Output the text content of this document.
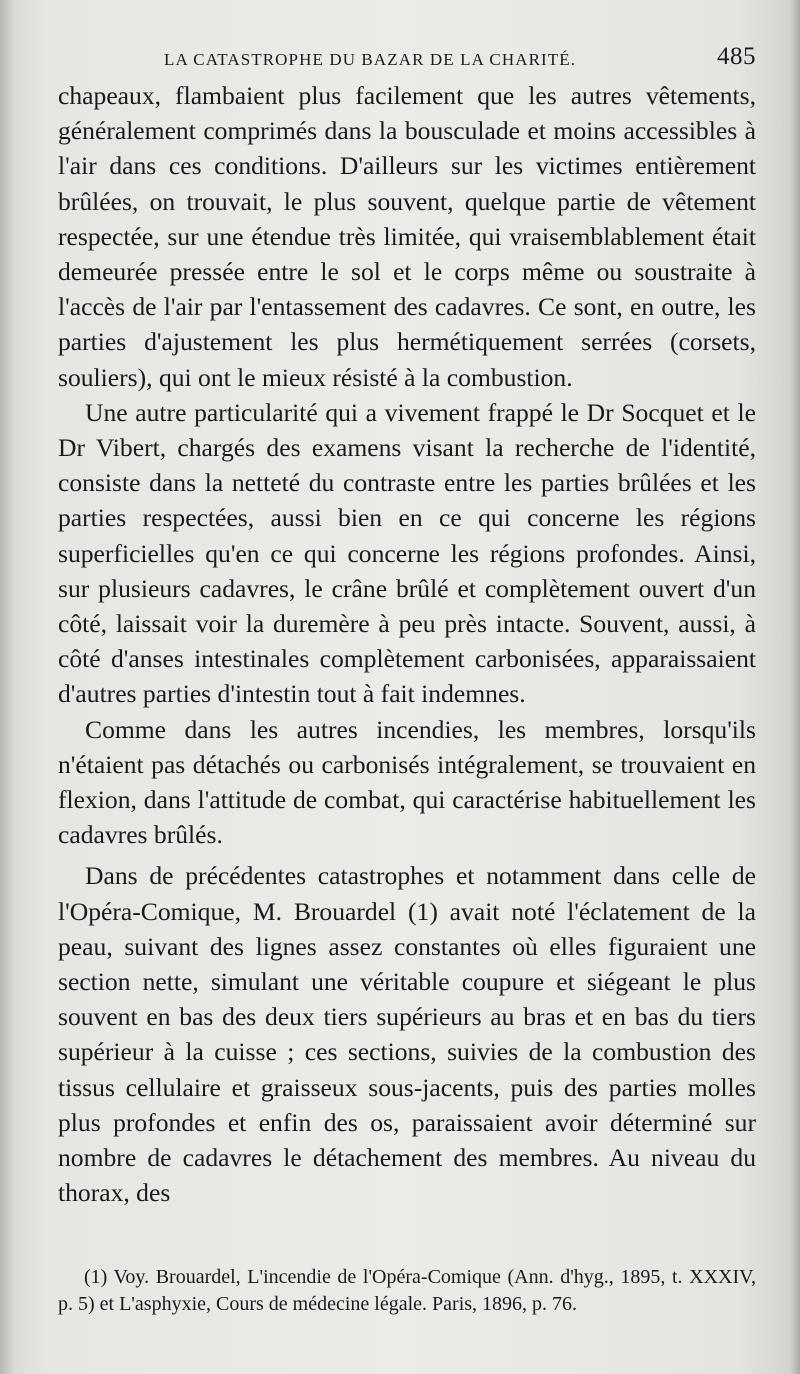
LA CATASTROPHE DU BAZAR DE LA CHARITÉ.	485

chapeaux, flambaient plus facilement que les autres vêtements, généralement comprimés dans la bousculade et moins accessibles à l'air dans ces conditions. D'ailleurs sur les victimes entièrement brûlées, on trouvait, le plus souvent, quelque partie de vêtement respectée, sur une étendue très limitée, qui vraisemblablement était demeurée pressée entre le sol et le corps même ou soustraite à l'accès de l'air par l'entassement des cadavres. Ce sont, en outre, les parties d'ajustement les plus hermétiquement serrées (corsets, souliers), qui ont le mieux résisté à la combustion.

Une autre particularité qui a vivement frappé le Dr Socquet et le Dr Vibert, chargés des examens visant la recherche de l'identité, consiste dans la netteté du contraste entre les parties brûlées et les parties respectées, aussi bien en ce qui concerne les régions superficielles qu'en ce qui concerne les régions profondes. Ainsi, sur plusieurs cadavres, le crâne brûlé et complètement ouvert d'un côté, laissait voir la duremère à peu près intacte. Souvent, aussi, à côté d'anses intestinales complètement carbonisées, apparaissaient d'autres parties d'intestin tout à fait indemnes.

Comme dans les autres incendies, les membres, lorsqu'ils n'étaient pas détachés ou carbonisés intégralement, se trouvaient en flexion, dans l'attitude de combat, qui caractérise habituellement les cadavres brûlés.

Dans de précédentes catastrophes et notamment dans celle de l'Opéra-Comique, M. Brouardel (1) avait noté l'éclatement de la peau, suivant des lignes assez constantes où elles figuraient une section nette, simulant une véritable coupure et siégeant le plus souvent en bas des deux tiers supérieurs au bras et en bas du tiers supérieur à la cuisse ; ces sections, suivies de la combustion des tissus cellulaire et graisseux sous-jacents, puis des parties molles plus profondes et enfin des os, paraissaient avoir déterminé sur nombre de cadavres le détachement des membres. Au niveau du thorax, des

(1) Voy. Brouardel, L'incendie de l'Opéra-Comique (Ann. d'hyg., 1895, t. XXXIV, p. 5) et L'asphyxie, Cours de médecine légale. Paris, 1896, p. 76.
